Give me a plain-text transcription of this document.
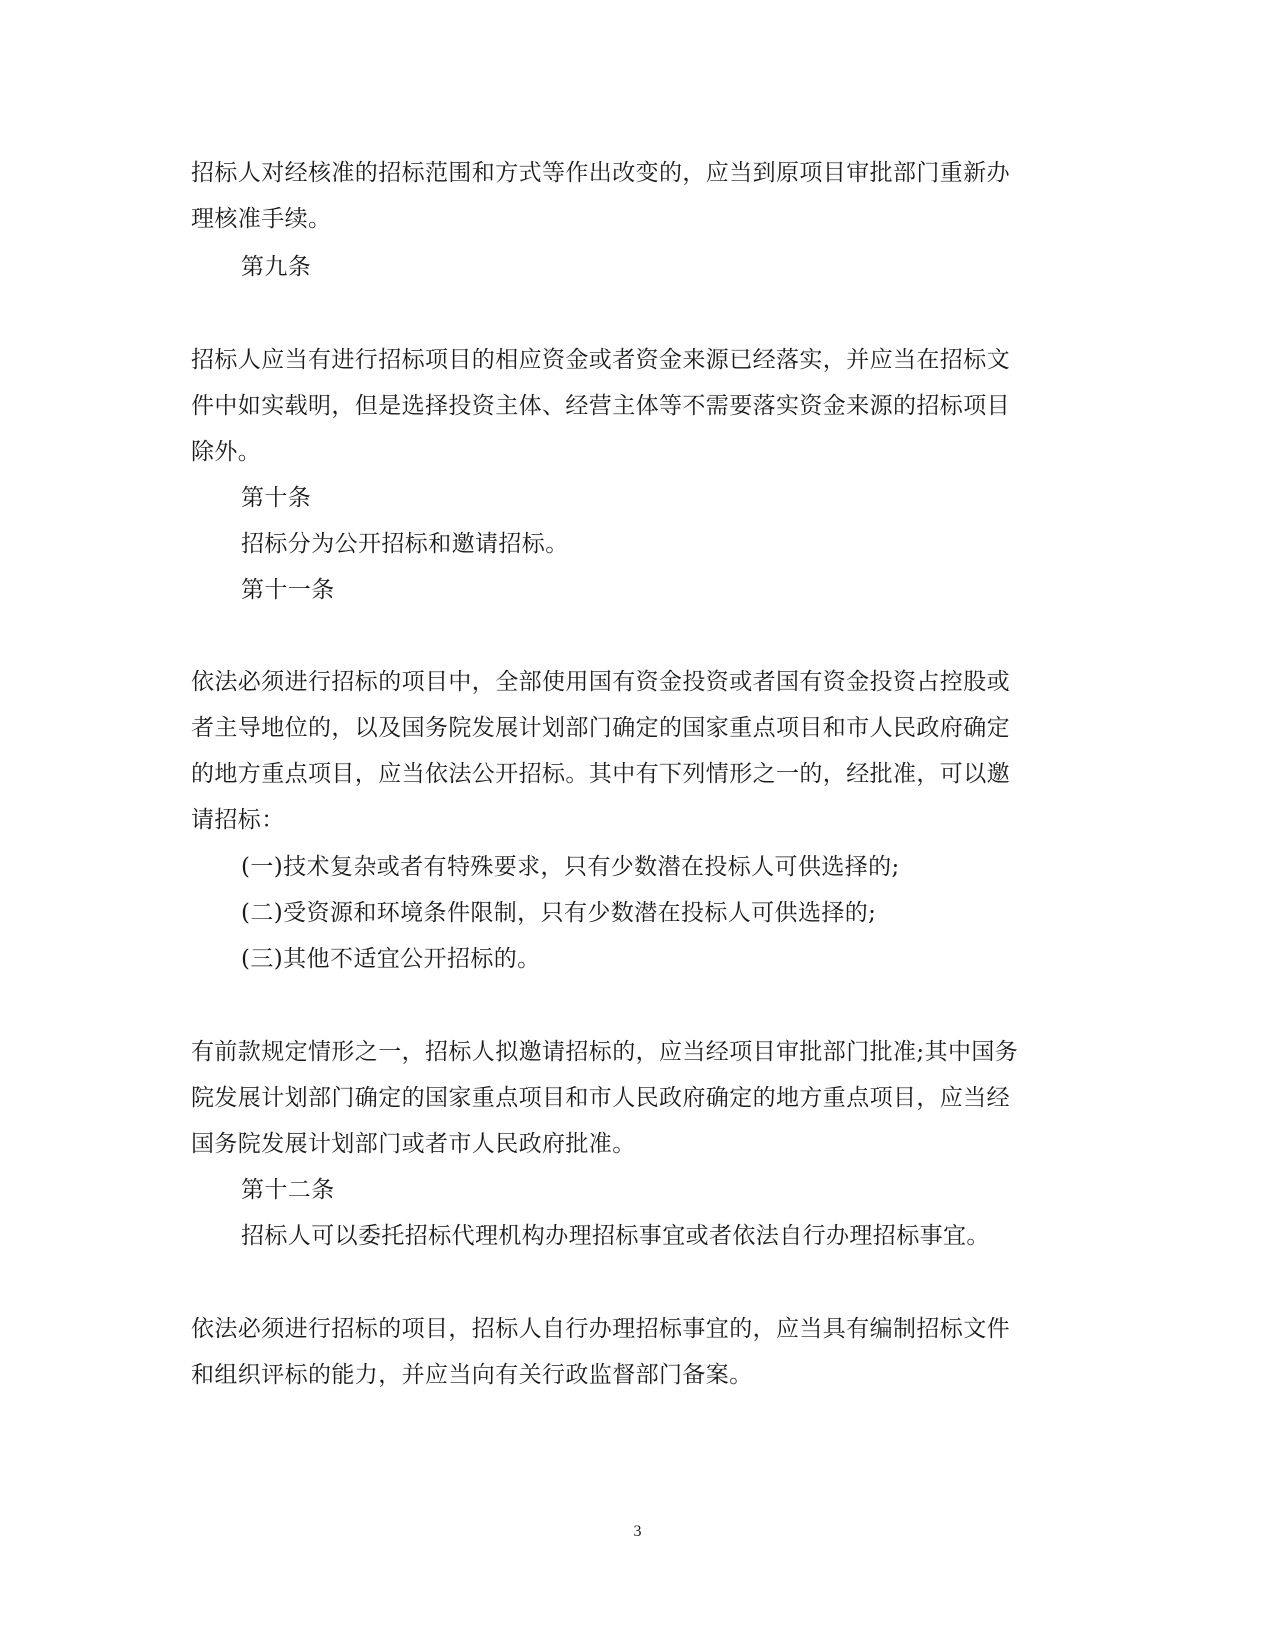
招标人对经核准的招标范围和方式等作出改变的，应当到原项目审批部门重新办
理核准手续。
第九条
招标人应当有进行招标项目的相应资金或者资金来源已经落实，并应当在招标文
件中如实载明，但是选择投资主体、经营主体等不需要落实资金来源的招标项目
除外。
第十条
招标分为公开招标和邀请招标。
第十一条
依法必须进行招标的项目中，全部使用国有资金投资或者国有资金投资占控股或
者主导地位的，以及国务院发展计划部门确定的国家重点项目和市人民政府确定
的地方重点项目，应当依法公开招标。其中有下列情形之一的，经批准，可以邀
请招标：
(一)技术复杂或者有特殊要求，只有少数潜在投标人可供选择的;
(二)受资源和环境条件限制，只有少数潜在投标人可供选择的;
(三)其他不适宜公开招标的。
有前款规定情形之一，招标人拟邀请招标的，应当经项目审批部门批准;其中国务
院发展计划部门确定的国家重点项目和市人民政府确定的地方重点项目，应当经
国务院发展计划部门或者市人民政府批准。
第十二条
招标人可以委托招标代理机构办理招标事宜或者依法自行办理招标事宜。
依法必须进行招标的项目，招标人自行办理招标事宜的，应当具有编制招标文件
和组织评标的能力，并应当向有关行政监督部门备案。
3
